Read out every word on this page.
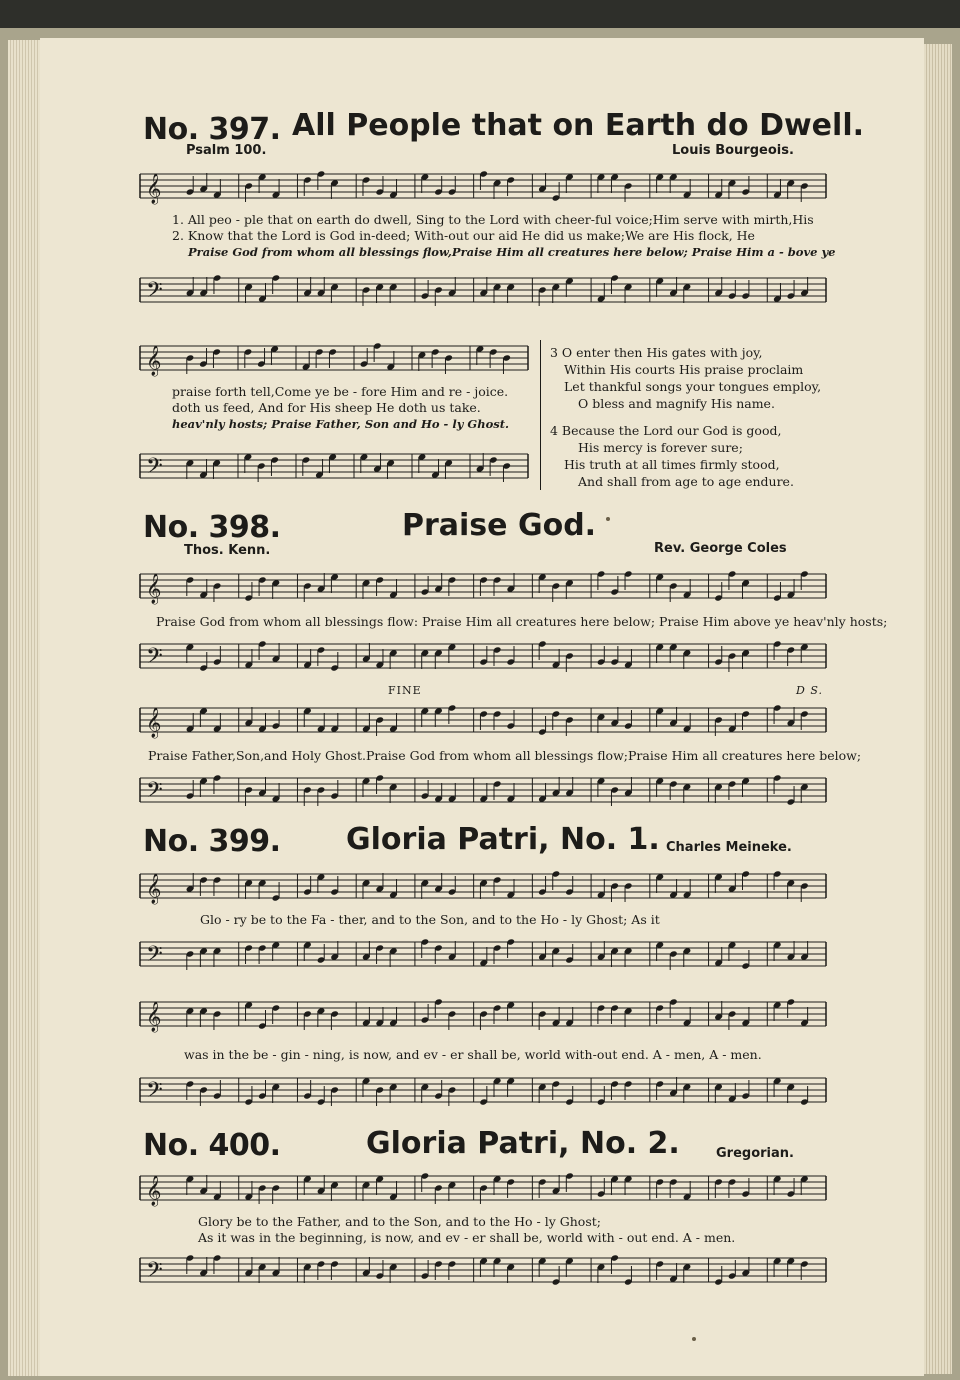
No. 397. All People that on Earth do Dwell.
Psalm 100.	Louis Bourgeois.
𝄞
1. All peo - ple that on earth do dwell, Sing to the Lord with cheer-ful voice;Him serve with mirth,His
2. Know that the Lord is God in-deed; With-out our aid He did us make;We are His flock, He
Praise God from whom all blessings flow,Praise Him all creatures here below; Praise Him a - bove ye
𝄢
𝄞
praise forth tell,Come ye be - fore Him and re - joice.
doth us feed, And for His sheep He doth us take.
heav'nly hosts; Praise Father, Son and Ho - ly Ghost.
𝄢
3 O enter then His gates with joy,
Within His courts His praise proclaim
Let thankful songs your tongues employ,
O bless and magnify His name.
4 Because the Lord our God is good,
His mercy is forever sure;
His truth at all times firmly stood,
And shall from age to age endure.
No. 398.	Praise God.
Thos. Kenn.	Rev. George Coles
𝄞
Praise God from whom all blessings flow: Praise Him all creatures here below; Praise Him above ye heav'nly hosts;
𝄢
FINE	D S.
𝄞
Praise Father,Son,and Holy Ghost.Praise God from whom all blessings flow;Praise Him all creatures here below;
𝄢
No. 399. Gloria Patri, No. 1. Charles Meineke.
𝄞
Glo - ry be to the Fa - ther, and to the Son, and to the Ho - ly Ghost; As it
𝄢
𝄞
was in the be - gin - ning, is now, and ev - er shall be, world with-out end. A - men, A - men.
𝄢
No. 400.	Gloria Patri, No. 2.	Gregorian.
𝄞
Glory be to the Father, and to the Son, and to the Ho - ly Ghost;
As it was in the beginning, is now, and ev - er shall be, world with - out end. A - men.
𝄢
